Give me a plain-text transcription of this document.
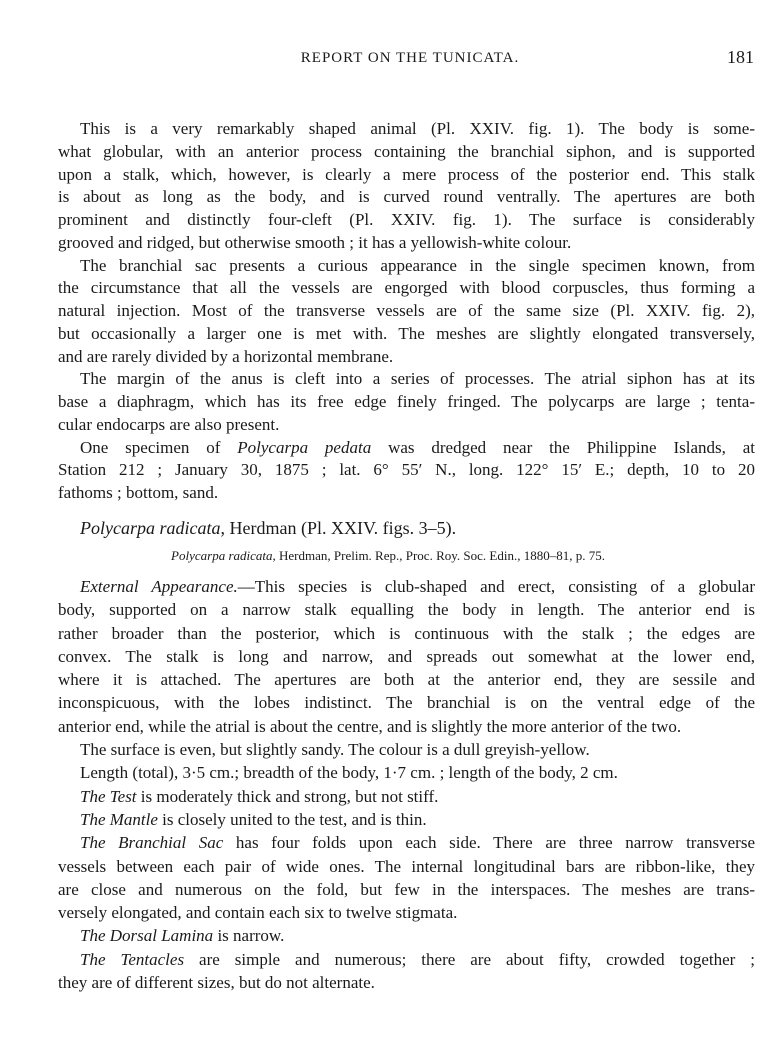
REPORT ON THE TUNICATA.	181
This is a very remarkably shaped animal (Pl. XXIV. fig. 1). The body is some-
what globular, with an anterior process containing the branchial siphon, and is supported
upon a stalk, which, however, is clearly a mere process of the posterior end. This stalk
is about as long as the body, and is curved round ventrally. The apertures are both
prominent and distinctly four-cleft (Pl. XXIV. fig. 1). The surface is considerably
grooved and ridged, but otherwise smooth ; it has a yellowish-white colour.
The branchial sac presents a curious appearance in the single specimen known, from
the circumstance that all the vessels are engorged with blood corpuscles, thus forming a
natural injection. Most of the transverse vessels are of the same size (Pl. XXIV. fig. 2),
but occasionally a larger one is met with. The meshes are slightly elongated transversely,
and are rarely divided by a horizontal membrane.
The margin of the anus is cleft into a series of processes. The atrial siphon has at its
base a diaphragm, which has its free edge finely fringed. The polycarps are large ; tenta-
cular endocarps are also present.
One specimen of Polycarpa pedata was dredged near the Philippine Islands, at
Station 212 ; January 30, 1875 ; lat. 6° 55′ N., long. 122° 15′ E.; depth, 10 to 20
fathoms ; bottom, sand.
Polycarpa radicata, Herdman (Pl. XXIV. figs. 3–5).
Polycarpa radicata, Herdman, Prelim. Rep., Proc. Roy. Soc. Edin., 1880–81, p. 75.
External Appearance.—This species is club-shaped and erect, consisting of a globular
body, supported on a narrow stalk equalling the body in length. The anterior end is
rather broader than the posterior, which is continuous with the stalk ; the edges are
convex. The stalk is long and narrow, and spreads out somewhat at the lower end,
where it is attached. The apertures are both at the anterior end, they are sessile and
inconspicuous, with the lobes indistinct. The branchial is on the ventral edge of the
anterior end, while the atrial is about the centre, and is slightly the more anterior of the two.
The surface is even, but slightly sandy. The colour is a dull greyish-yellow.
Length (total), 3·5 cm.; breadth of the body, 1·7 cm. ; length of the body, 2 cm.
The Test is moderately thick and strong, but not stiff.
The Mantle is closely united to the test, and is thin.
The Branchial Sac has four folds upon each side. There are three narrow transverse
vessels between each pair of wide ones. The internal longitudinal bars are ribbon-like, they
are close and numerous on the fold, but few in the interspaces. The meshes are trans-
versely elongated, and contain each six to twelve stigmata.
The Dorsal Lamina is narrow.
The Tentacles are simple and numerous; there are about fifty, crowded together ;
they are of different sizes, but do not alternate.
